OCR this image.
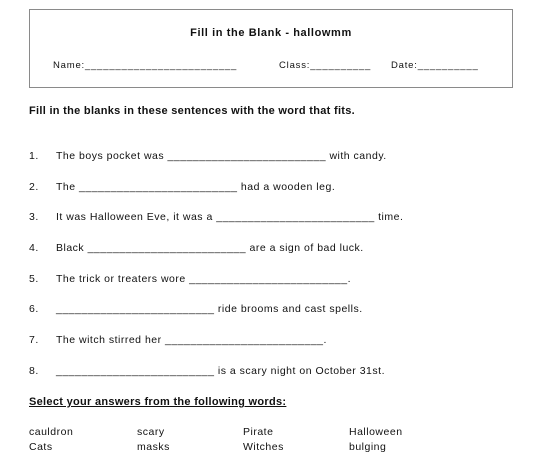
Fill in the Blank - hallowmm
Name:_________________________	Class:__________ Date:__________
Fill in the blanks in these sentences with the word that fits.
1. The boys pocket was _________________________ with candy.
2. The _________________________ had a wooden leg.
3. It was Halloween Eve, it was a _________________________ time.
4. Black _________________________ are a sign of bad luck.
5. The trick or treaters wore _________________________.
6. _________________________ ride brooms and cast spells.
7. The witch stirred her _________________________.
8. _________________________ is a scary night on October 31st.
Select your answers from the following words:
cauldron	scary	Pirate	Halloween
Cats	masks	Witches	bulging
